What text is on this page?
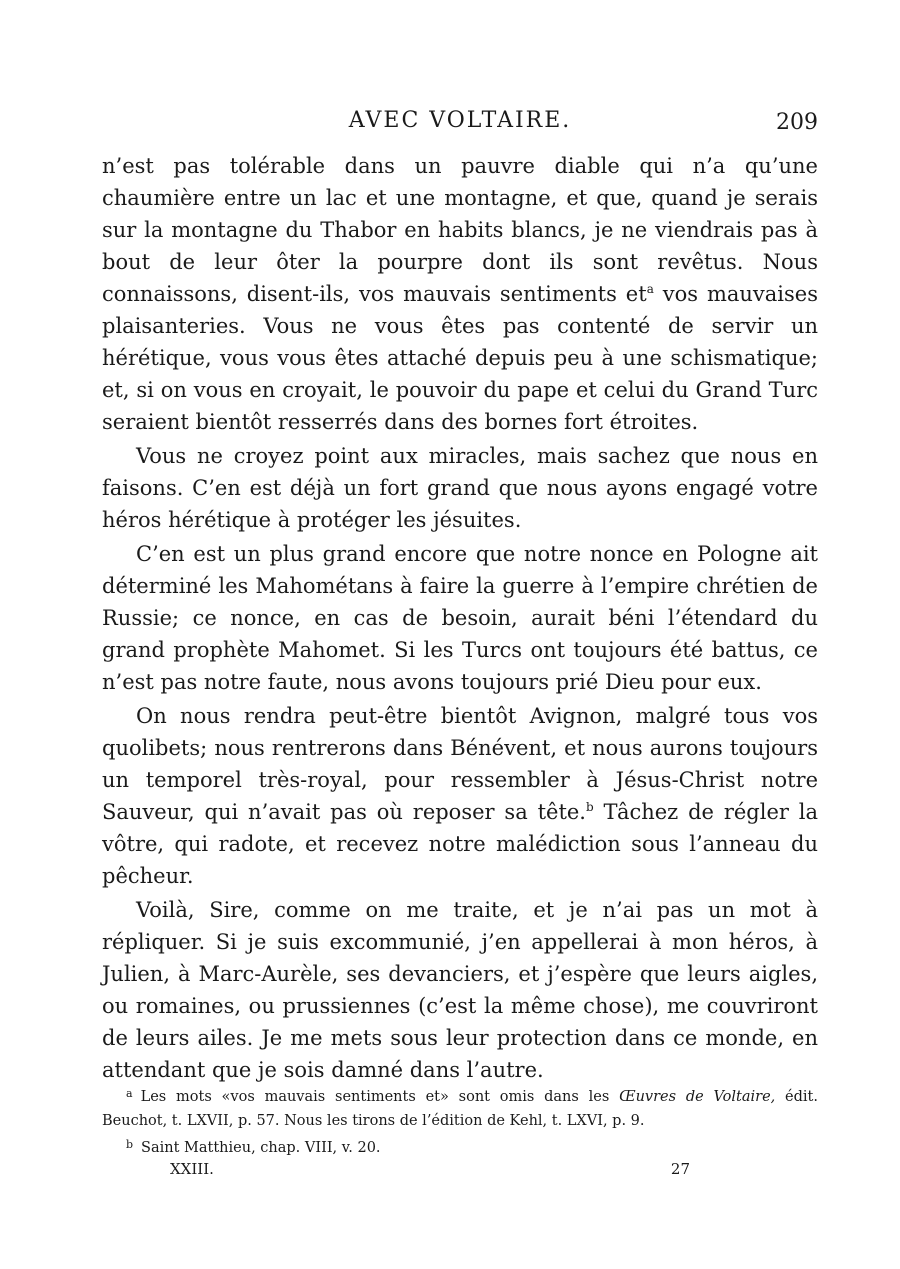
AVEC VOLTAIRE.	209

n’est pas tolérable dans un pauvre diable qui n’a qu’une chaumière entre un lac et une montagne, et que, quand je serais sur la montagne du Thabor en habits blancs, je ne viendrais pas à bout de leur ôter la pourpre dont ils sont revêtus. Nous connaissons, disent-ils, vos mauvais sentiments $et^a$ vos mauvaises plaisanteries. Vous ne vous êtes pas contenté de servir un hérétique, vous vous êtes attaché depuis peu à une schismatique; et, si on vous en croyait, le pouvoir du pape et celui du Grand Turc seraient bientôt resserrés dans des bornes fort étroites.

Vous ne croyez point aux miracles, mais sachez que nous en faisons. C’en est déjà un fort grand que nous ayons engagé votre héros hérétique à protéger les jésuites.

C’en est un plus grand encore que notre nonce en Pologne ait déterminé les Mahométans à faire la guerre à l’empire chrétien de Russie; ce nonce, en cas de besoin, aurait béni l’étendard du grand prophète Mahomet. Si les Turcs ont toujours été battus, ce n’est pas notre faute, nous avons toujours prié Dieu pour eux.

On nous rendra peut-être bientôt Avignon, malgré tous vos quolibets; nous rentrerons dans Bénévent, et nous aurons toujours un temporel très-royal, pour ressembler à Jésus-Christ notre Sauveur, qui n’avait pas où reposer sa tête.$^b$ Tâchez de régler la vôtre, qui radote, et recevez notre malédiction sous l’anneau du pêcheur.

Voilà, Sire, comme on me traite, et je n’ai pas un mot à répliquer. Si je suis excommunié, j’en appellerai à mon héros, à Julien, à Marc-Aurèle, ses devanciers, et j’espère que leurs aigles, ou romaines, ou prussiennes (c’est la même chose), me couvriront de leurs ailes. Je me mets sous leur protection dans ce monde, en attendant que je sois damné dans l’autre.

$^a$ Les mots «vos mauvais sentiments et» sont omis dans les Œuvres de Voltaire, édit. Beuchot, t. LXVII, p. 57. Nous les tirons de l’édition de Kehl, t. LXVI, p. 9.

$^b$ Saint Matthieu, chap. VIII, v. 20.

XXIII.	27
